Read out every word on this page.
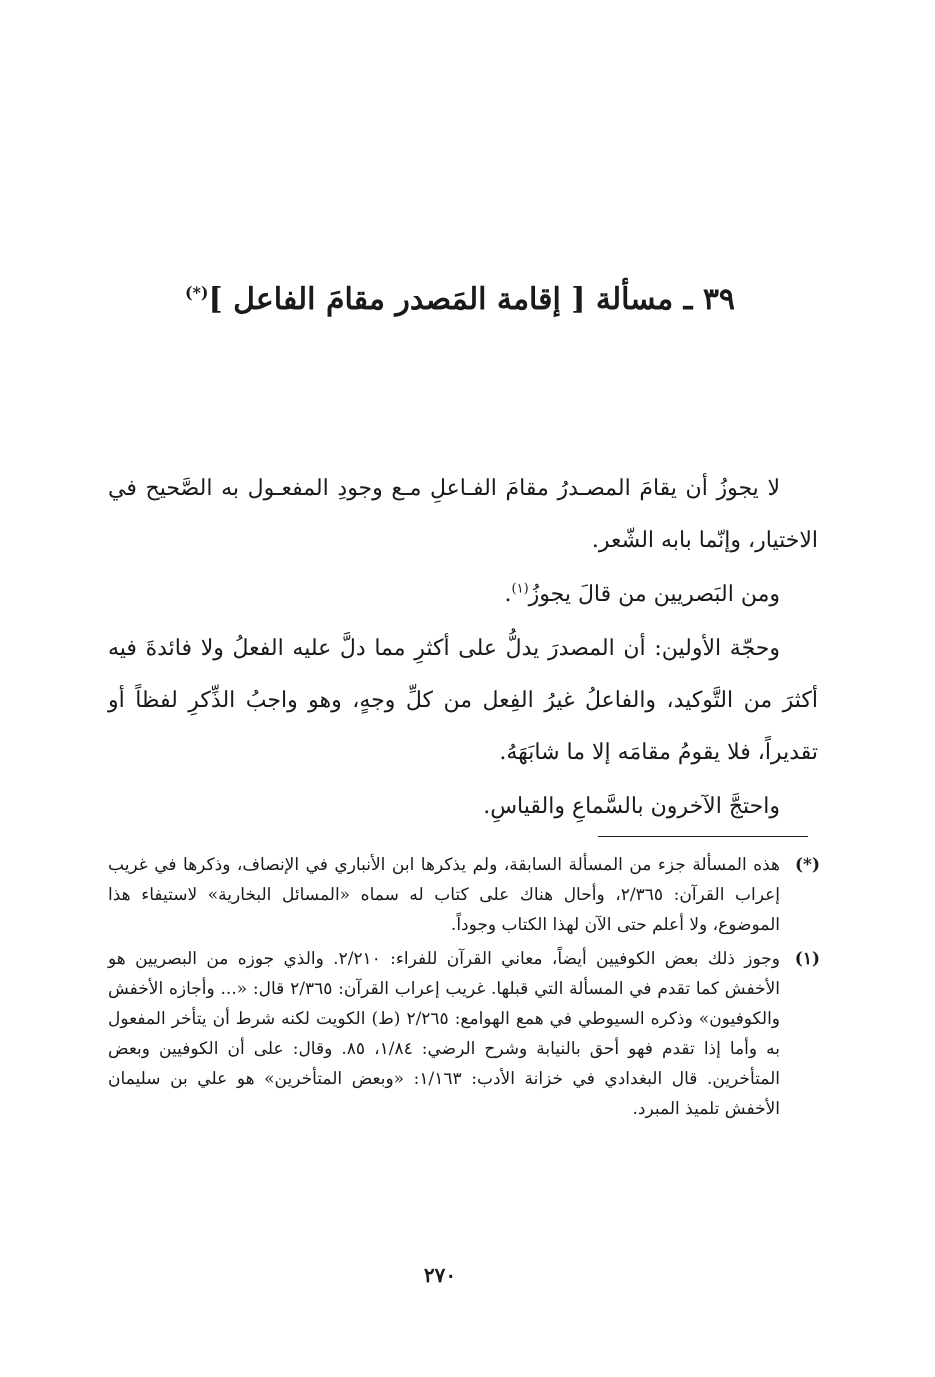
٣٩ ـ مسألة [ إقامة المَصدر مقامَ الفاعل ](*)

لا يجوزُ أن يقامَ المصـدرُ مقامَ الفـاعلِ مـع وجودِ المفعـول به الصَّحيح في الاختيار، وإنّما بابه الشّعر.

ومن البَصريين من قالَ يجوزُ$^{(١)}$.

وحجّة الأولين: أن المصدرَ يدلُّ على أكثرِ مما دلَّ عليه الفعلُ ولا فائدةَ فيه أكثرَ من التَّوكيد، والفاعلُ غيرُ الفِعل من كلِّ وجهٍ، وهو واجبُ الذِّكرِ لفظاً أو تقديراً، فلا يقومُ مقامَه إلا ما شابَهَهُ.

واحتجَّ الآخرون بالسَّماعِ والقياسِ.

(*)
هذه المسألة جزء من المسألة السابقة، ولم يذكرها ابن الأنباري في الإنصاف، وذكرها في غريب إعراب القرآن: ٢/٣٦٥، وأحال هناك على كتاب له سماه «المسائل البخارية» لاستيفاء هذا الموضوع، ولا أعلم حتى الآن لهذا الكتاب وجوداً.
(١)
وجوز ذلك بعض الكوفيين أيضاً، معاني القرآن للفراء: ٢/٢١٠. والذي جوزه من البصريين هو الأخفش كما تقدم في المسألة التي قبلها. غريب إعراب القرآن: ٢/٣٦٥ قال: «... وأجازه الأخفش والكوفيون» وذكره السيوطي في همع الهوامع: ٢/٢٦٥ (ط) الكويت لكنه شرط أن يتأخر المفعول به وأما إذا تقدم فهو أحق بالنيابة وشرح الرضي: ١/٨٤، ٨٥. وقال: على أن الكوفيين وبعض المتأخرين. قال البغدادي في خزانة الأدب: ١/١٦٣: «وبعض المتأخرين» هو علي بن سليمان الأخفش تلميذ المبرد.
٢٧٠
